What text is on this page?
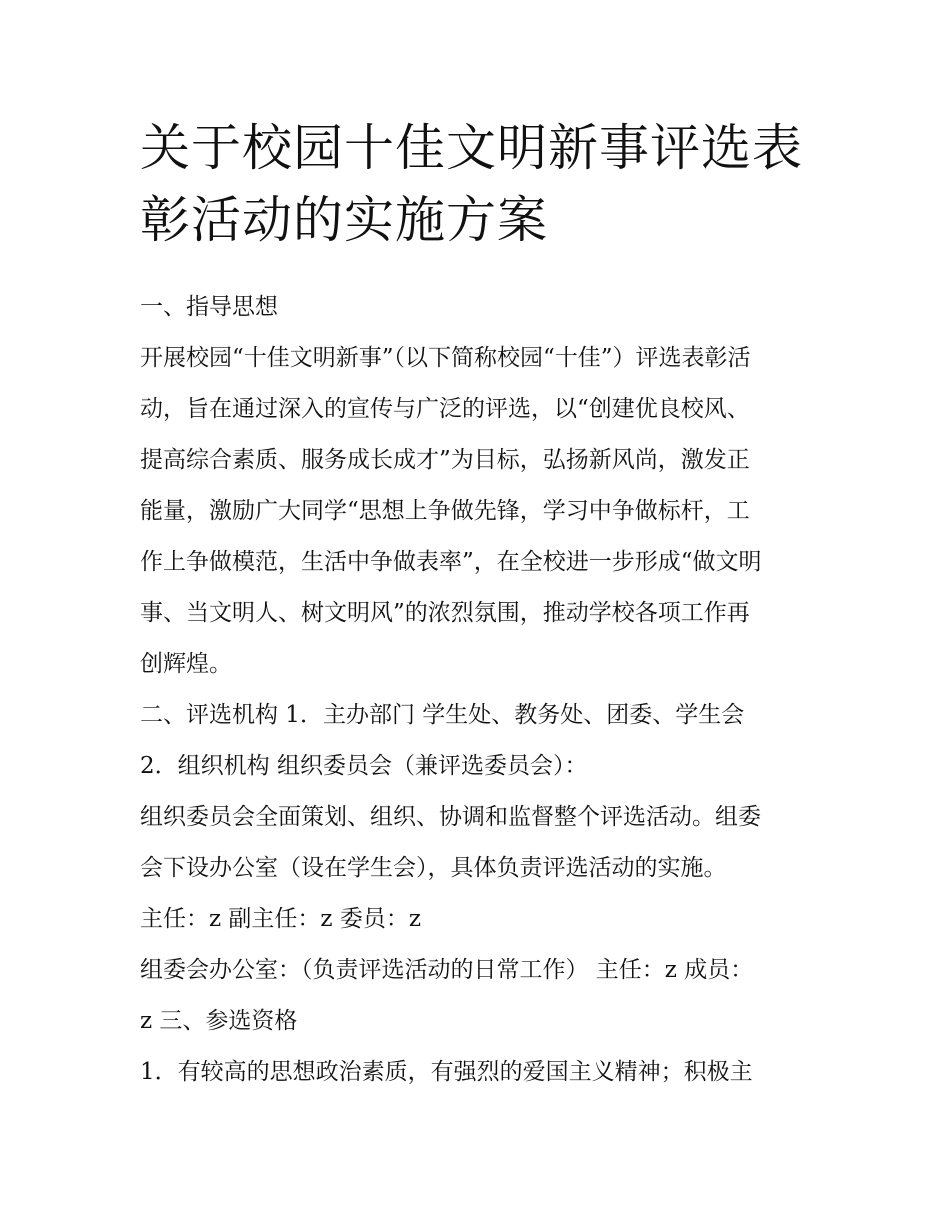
关于校园十佳文明新事评选表
彰活动的实施方案
一、指导思想
开展校园“十佳文明新事”（以下简称校园“十佳”）评选表彰活
动，旨在通过深入的宣传与广泛的评选，以“创建优良校风、
提高综合素质、服务成长成才”为目标，弘扬新风尚，激发正
能量，激励广大同学“思想上争做先锋，学习中争做标杆，工
作上争做模范，生活中争做表率”，在全校进一步形成“做文明
事、当文明人、树文明风”的浓烈氛围，推动学校各项工作再
创辉煌。
二、评选机构 1．主办部门 学生处、教务处、团委、学生会
2．组织机构 组织委员会（兼评选委员会）：
组织委员会全面策划、组织、协调和监督整个评选活动。组委
会下设办公室（设在学生会），具体负责评选活动的实施。
主任：z 副主任：z 委员：z
组委会办公室：（负责评选活动的日常工作） 主任：z 成员：
z 三、参选资格
1．有较高的思想政治素质，有强烈的爱国主义精神；积极主
